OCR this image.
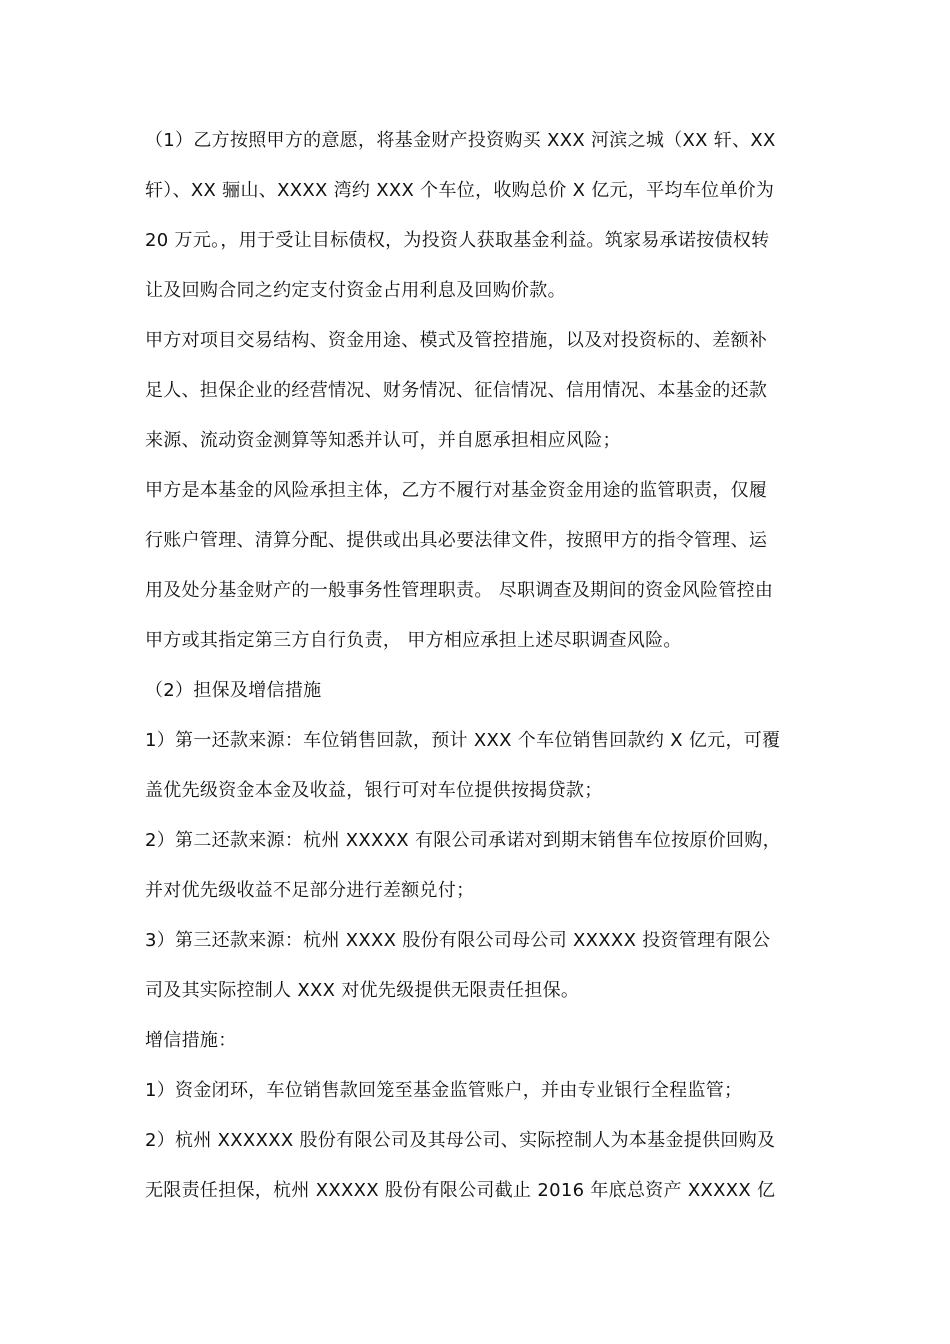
（1）乙方按照甲方的意愿，将基金财产投资购买 XXX 河滨之城（XX 轩、XX
轩）、XX 骊山、XXXX 湾约 XXX 个车位，收购总价 X 亿元，平均车位单价为
20 万元。，用于受让目标债权，为投资人获取基金利益。筑家易承诺按债权转
让及回购合同之约定支付资金占用利息及回购价款。
甲方对项目交易结构、资金用途、模式及管控措施，以及对投资标的、差额补
足人、担保企业的经营情况、财务情况、征信情况、信用情况、本基金的还款
来源、流动资金测算等知悉并认可，并自愿承担相应风险；
甲方是本基金的风险承担主体，乙方不履行对基金资金用途的监管职责，仅履
行账户管理、清算分配、提供或出具必要法律文件，按照甲方的指令管理、运
用及处分基金财产的一般事务性管理职责。 尽职调查及期间的资金风险管控由
甲方或其指定第三方自行负责， 甲方相应承担上述尽职调查风险。
（2）担保及增信措施
1）第一还款来源：车位销售回款，预计 XXX 个车位销售回款约 X 亿元，可覆
盖优先级资金本金及收益，银行可对车位提供按揭贷款；
2）第二还款来源：杭州 XXXXX 有限公司承诺对到期末销售车位按原价回购，
并对优先级收益不足部分进行差额兑付；
3）第三还款来源：杭州 XXXX 股份有限公司母公司 XXXXX 投资管理有限公
司及其实际控制人 XXX 对优先级提供无限责任担保。
增信措施：
1）资金闭环，车位销售款回笼至基金监管账户，并由专业银行全程监管；
2）杭州 XXXXXX 股份有限公司及其母公司、实际控制人为本基金提供回购及
无限责任担保，杭州 XXXXX 股份有限公司截止 2016 年底总资产 XXXXX 亿
